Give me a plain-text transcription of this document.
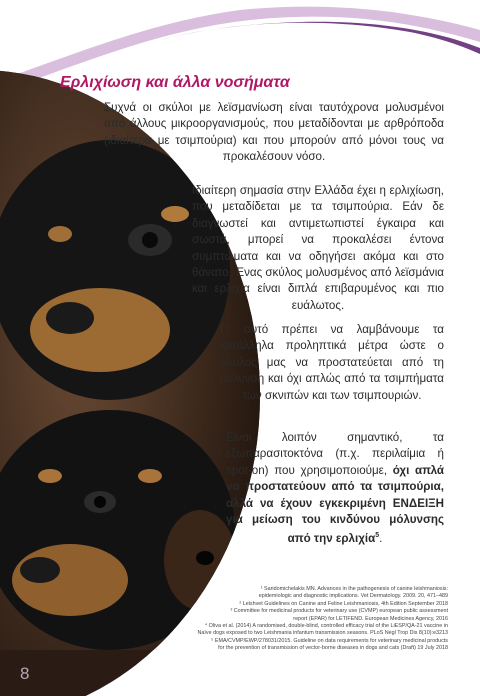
Ερλιχίωση και άλλα νοσήματα

Συχνά οι σκύλοι με λεϊσμανίωση είναι ταυτόχρονα μολυσμένοι από άλλους μικροοργανισμούς, που μεταδίδονται με αρθρόποδα (ιδιαίτερα με τσιμπούρια) και που μπορούν από μόνοι τους να προκαλέσουν νόσο.

Ιδιαίτερη σημασία στην Ελλάδα έχει η ερλιχίωση, που μεταδίδεται με τα τσιμπούρια. Εάν δε διαγνωστεί και αντιμετωπιστεί έγκαιρα και σωστά, μπορεί να προκαλέσει έντονα συμπτώματα και να οδηγήσει ακόμα και στο θάνατο. Ένας σκύλος μολυσμένος από λεϊσμάνια και ερλιχία είναι διπλά επιβαρυμένος και πιο ευάλωτος.

Γι' αυτό πρέπει να λαμβάνουμε τα κατάλληλα προληπτικά μέτρα ώστε ο σκύλος μας να προστατεύεται από τη μόλυνση και όχι απλώς από τα τσιμπήματα των σκνιπών και των τσιμπουριών.

Είναι λοιπόν σημαντικό, τα εξωπαρασιτοκτόνα (π.χ. περιλαίμια ή spot-on) που χρησιμοποιούμε, όχι απλά να προστατεύουν από τα τσιμπούρια, αλλά να έχουν εγκεκριμένη ΕΝΔΕΙΞΗ για μείωση του κινδύνου μόλυνσης από την ερλιχία$^5$.

¹ Saridomichelakis MN. Advances in the pathogenesis of canine leishmaniosis:
epidemiologic and diagnostic implications. Vet Dermatology. 2009. 20, 471–489
² Leishvet Guidelines on Canine and Feline Leishmaniosis, 4th Edition September 2018
³ Committee for medicinal products for veterinary use (CVMP) european public assessment
report (EPAR) for LETIFEND. European Medicines Agency, 2016
⁴ Oliva et al. (2014) A randomised, double-blind, controlled efficacy trial of the LiESP/QA-21 vaccine in
Naïve dogs exposed to two Leishmania infantum transmission seasons. PLoS Negl Trop Dis 8(10):e3213
⁵ EMA/CVMP/EWP/278031/2015. Guideline on data requirements for veterinary medicinal products
for the prevention of transmission of vector-borne diseases in dogs and cats (Draft) 19 July 2018
8
